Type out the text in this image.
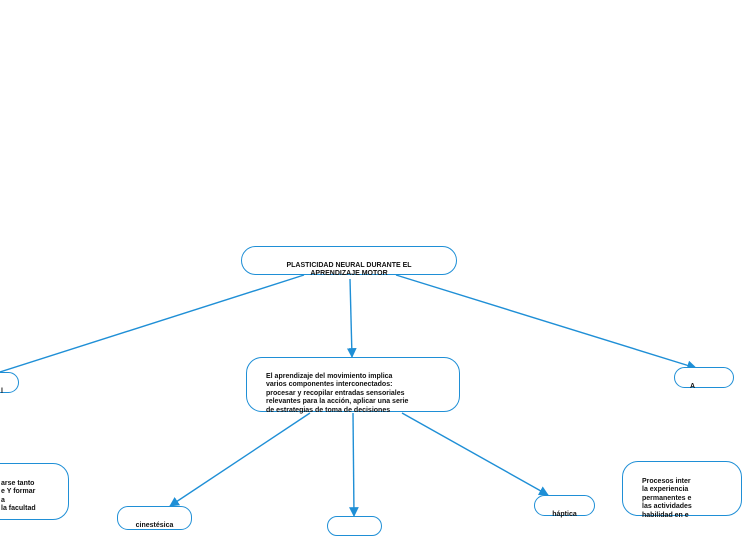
PLASTICIDAD NEURAL DURANTE EL
APRENDIZAJE MOTOR

El aprendizaje del movimiento implica
varios componentes interconectados:
procesar y recopilar entradas sensoriales
relevantes para la acción, aplicar una serie
de estrategias de toma de decisiones

l

arse tanto
e Y formar
a
la facultad

cinestésica

háptica

A

Procesos inter
la experiencia
permanentes e
las actividades
habilidad en e
